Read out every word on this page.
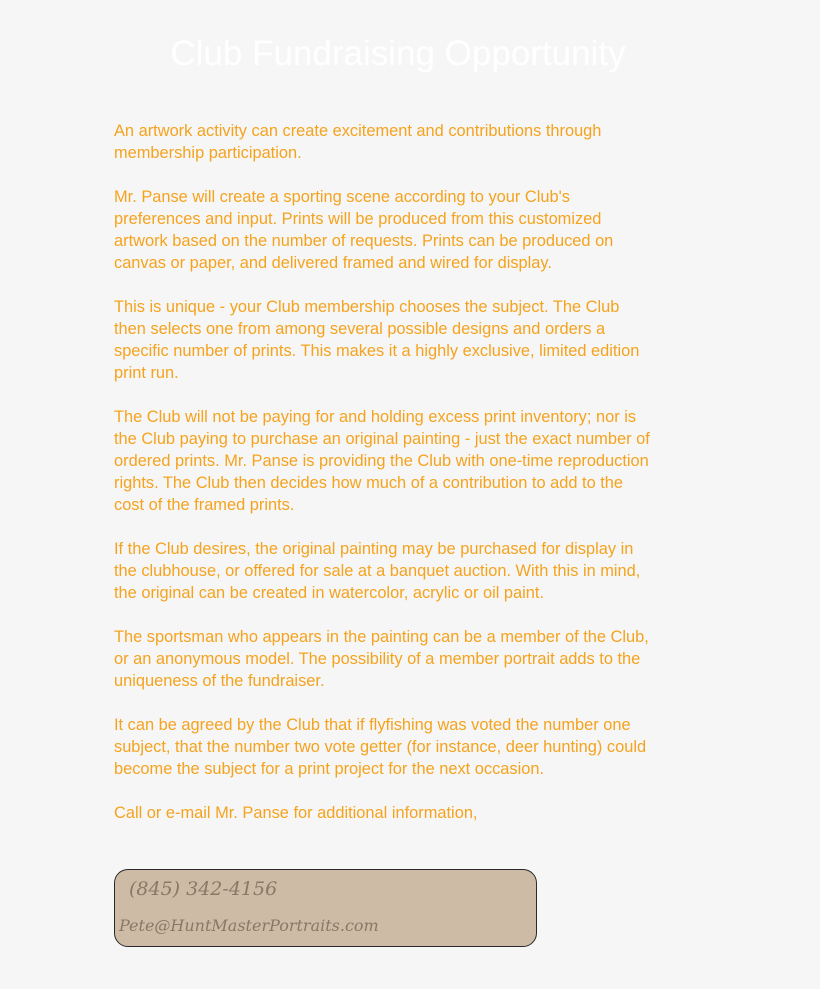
Club Fundraising Opportunity

An artwork activity can create excitement and contributions through
membership participation.

Mr. Panse will create a sporting scene according to your Club's
preferences and input. Prints will be produced from this customized
artwork based on the number of requests. Prints can be produced on
canvas or paper, and delivered framed and wired for display.

This is unique - your Club membership chooses the subject. The Club
then selects one from among several possible designs and orders a
specific number of prints. This makes it a highly exclusive, limited edition
print run.

The Club will not be paying for and holding excess print inventory; nor is
the Club paying to purchase an original painting - just the exact number of
ordered prints. Mr. Panse is providing the Club with one-time reproduction
rights. The Club then decides how much of a contribution to add to the
cost of the framed prints.

If the Club desires, the original painting may be purchased for display in
the clubhouse, or offered for sale at a banquet auction. With this in mind,
the original can be created in watercolor, acrylic or oil paint.

The sportsman who appears in the painting can be a member of the Club,
or an anonymous model. The possibility of a member portrait adds to the
uniqueness of the fundraiser.

It can be agreed by the Club that if flyfishing was voted the number one
subject, that the number two vote getter (for instance, deer hunting) could
become the subject for a print project for the next occasion.

Call or e-mail Mr. Panse for additional information,

(845) 342-4156
Pete@HuntMasterPortraits.com
